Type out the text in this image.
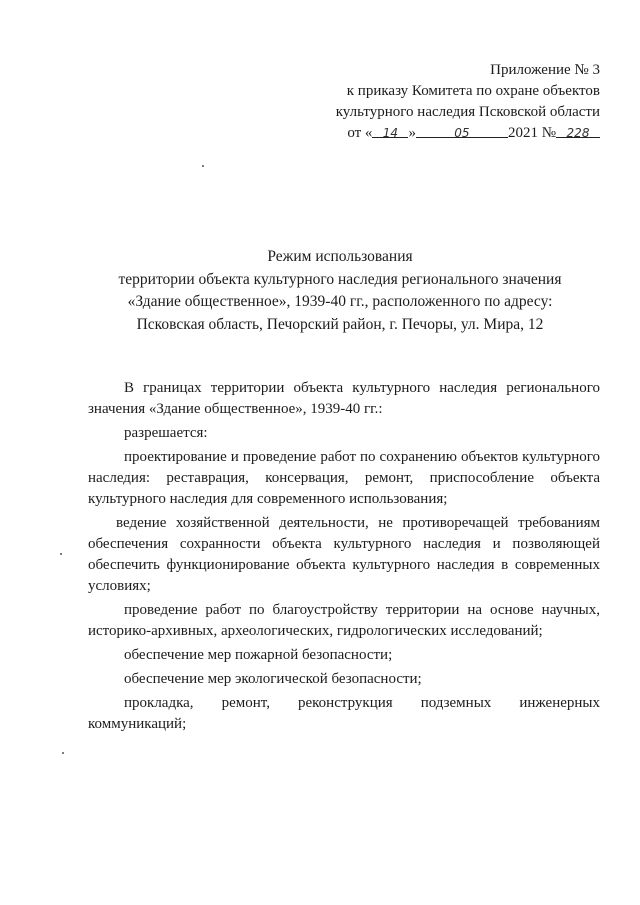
Приложение № 3
к приказу Комитета по охране объектов
культурного наследия Псковской области
от « 14 »	05	2021 № 228
Режим использования
территории объекта культурного наследия регионального значения
«Здание общественное», 1939-40 гг., расположенного по адресу:
Псковская область, Печорский район, г. Печоры, ул. Мира, 12

В границах территории объекта культурного наследия регионального значения «Здание общественное», 1939-40 гг.:

разрешается:

проектирование и проведение работ по сохранению объектов культурного наследия: реставрация, консервация, ремонт, приспособление объекта культурного наследия для современного использования;

ведение хозяйственной деятельности, не противоречащей требованиям обеспечения сохранности объекта культурного наследия и позволяющей обеспечить функционирование объекта культурного наследия в современных условиях;

проведение работ по благоустройству территории на основе научных, историко-архивных, археологических, гидрологических исследований;

обеспечение мер пожарной безопасности;

обеспечение мер экологической безопасности;

прокладка, ремонт, реконструкция подземных инженерных коммуникаций;
